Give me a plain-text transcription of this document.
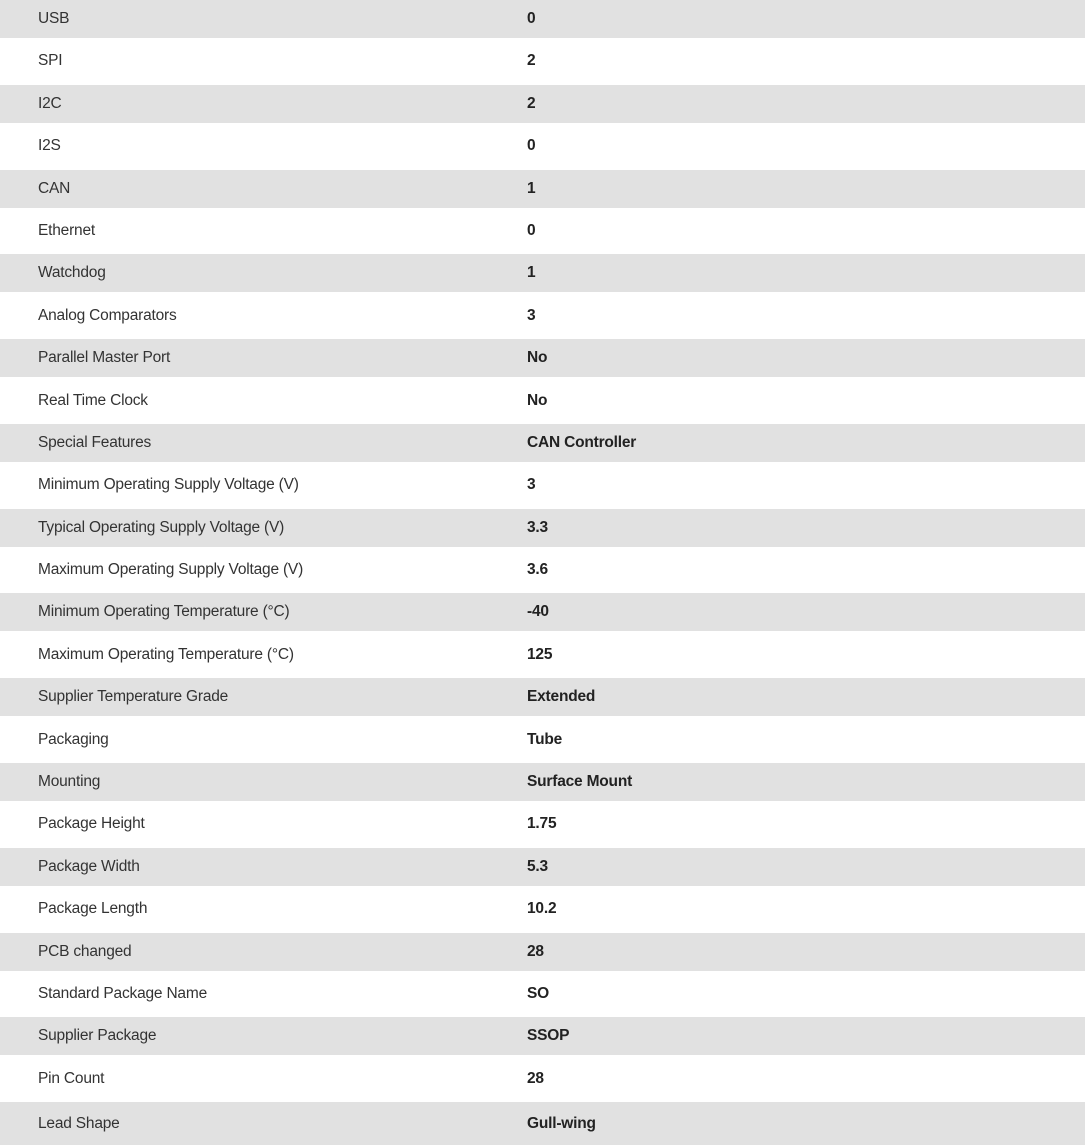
USB	0
SPI	2
I2C	2
I2S	0
CAN	1
Ethernet	0
Watchdog	1
Analog Comparators	3
Parallel Master Port	No
Real Time Clock	No
Special Features	CAN Controller
Minimum Operating Supply Voltage (V)	3
Typical Operating Supply Voltage (V)	3.3
Maximum Operating Supply Voltage (V)	3.6
Minimum Operating Temperature (°C)	-40
Maximum Operating Temperature (°C)	125
Supplier Temperature Grade	Extended
Packaging	Tube
Mounting	Surface Mount
Package Height	1.75
Package Width	5.3
Package Length	10.2
PCB changed	28
Standard Package Name	SO
Supplier Package	SSOP
Pin Count	28
Lead Shape	Gull-wing
